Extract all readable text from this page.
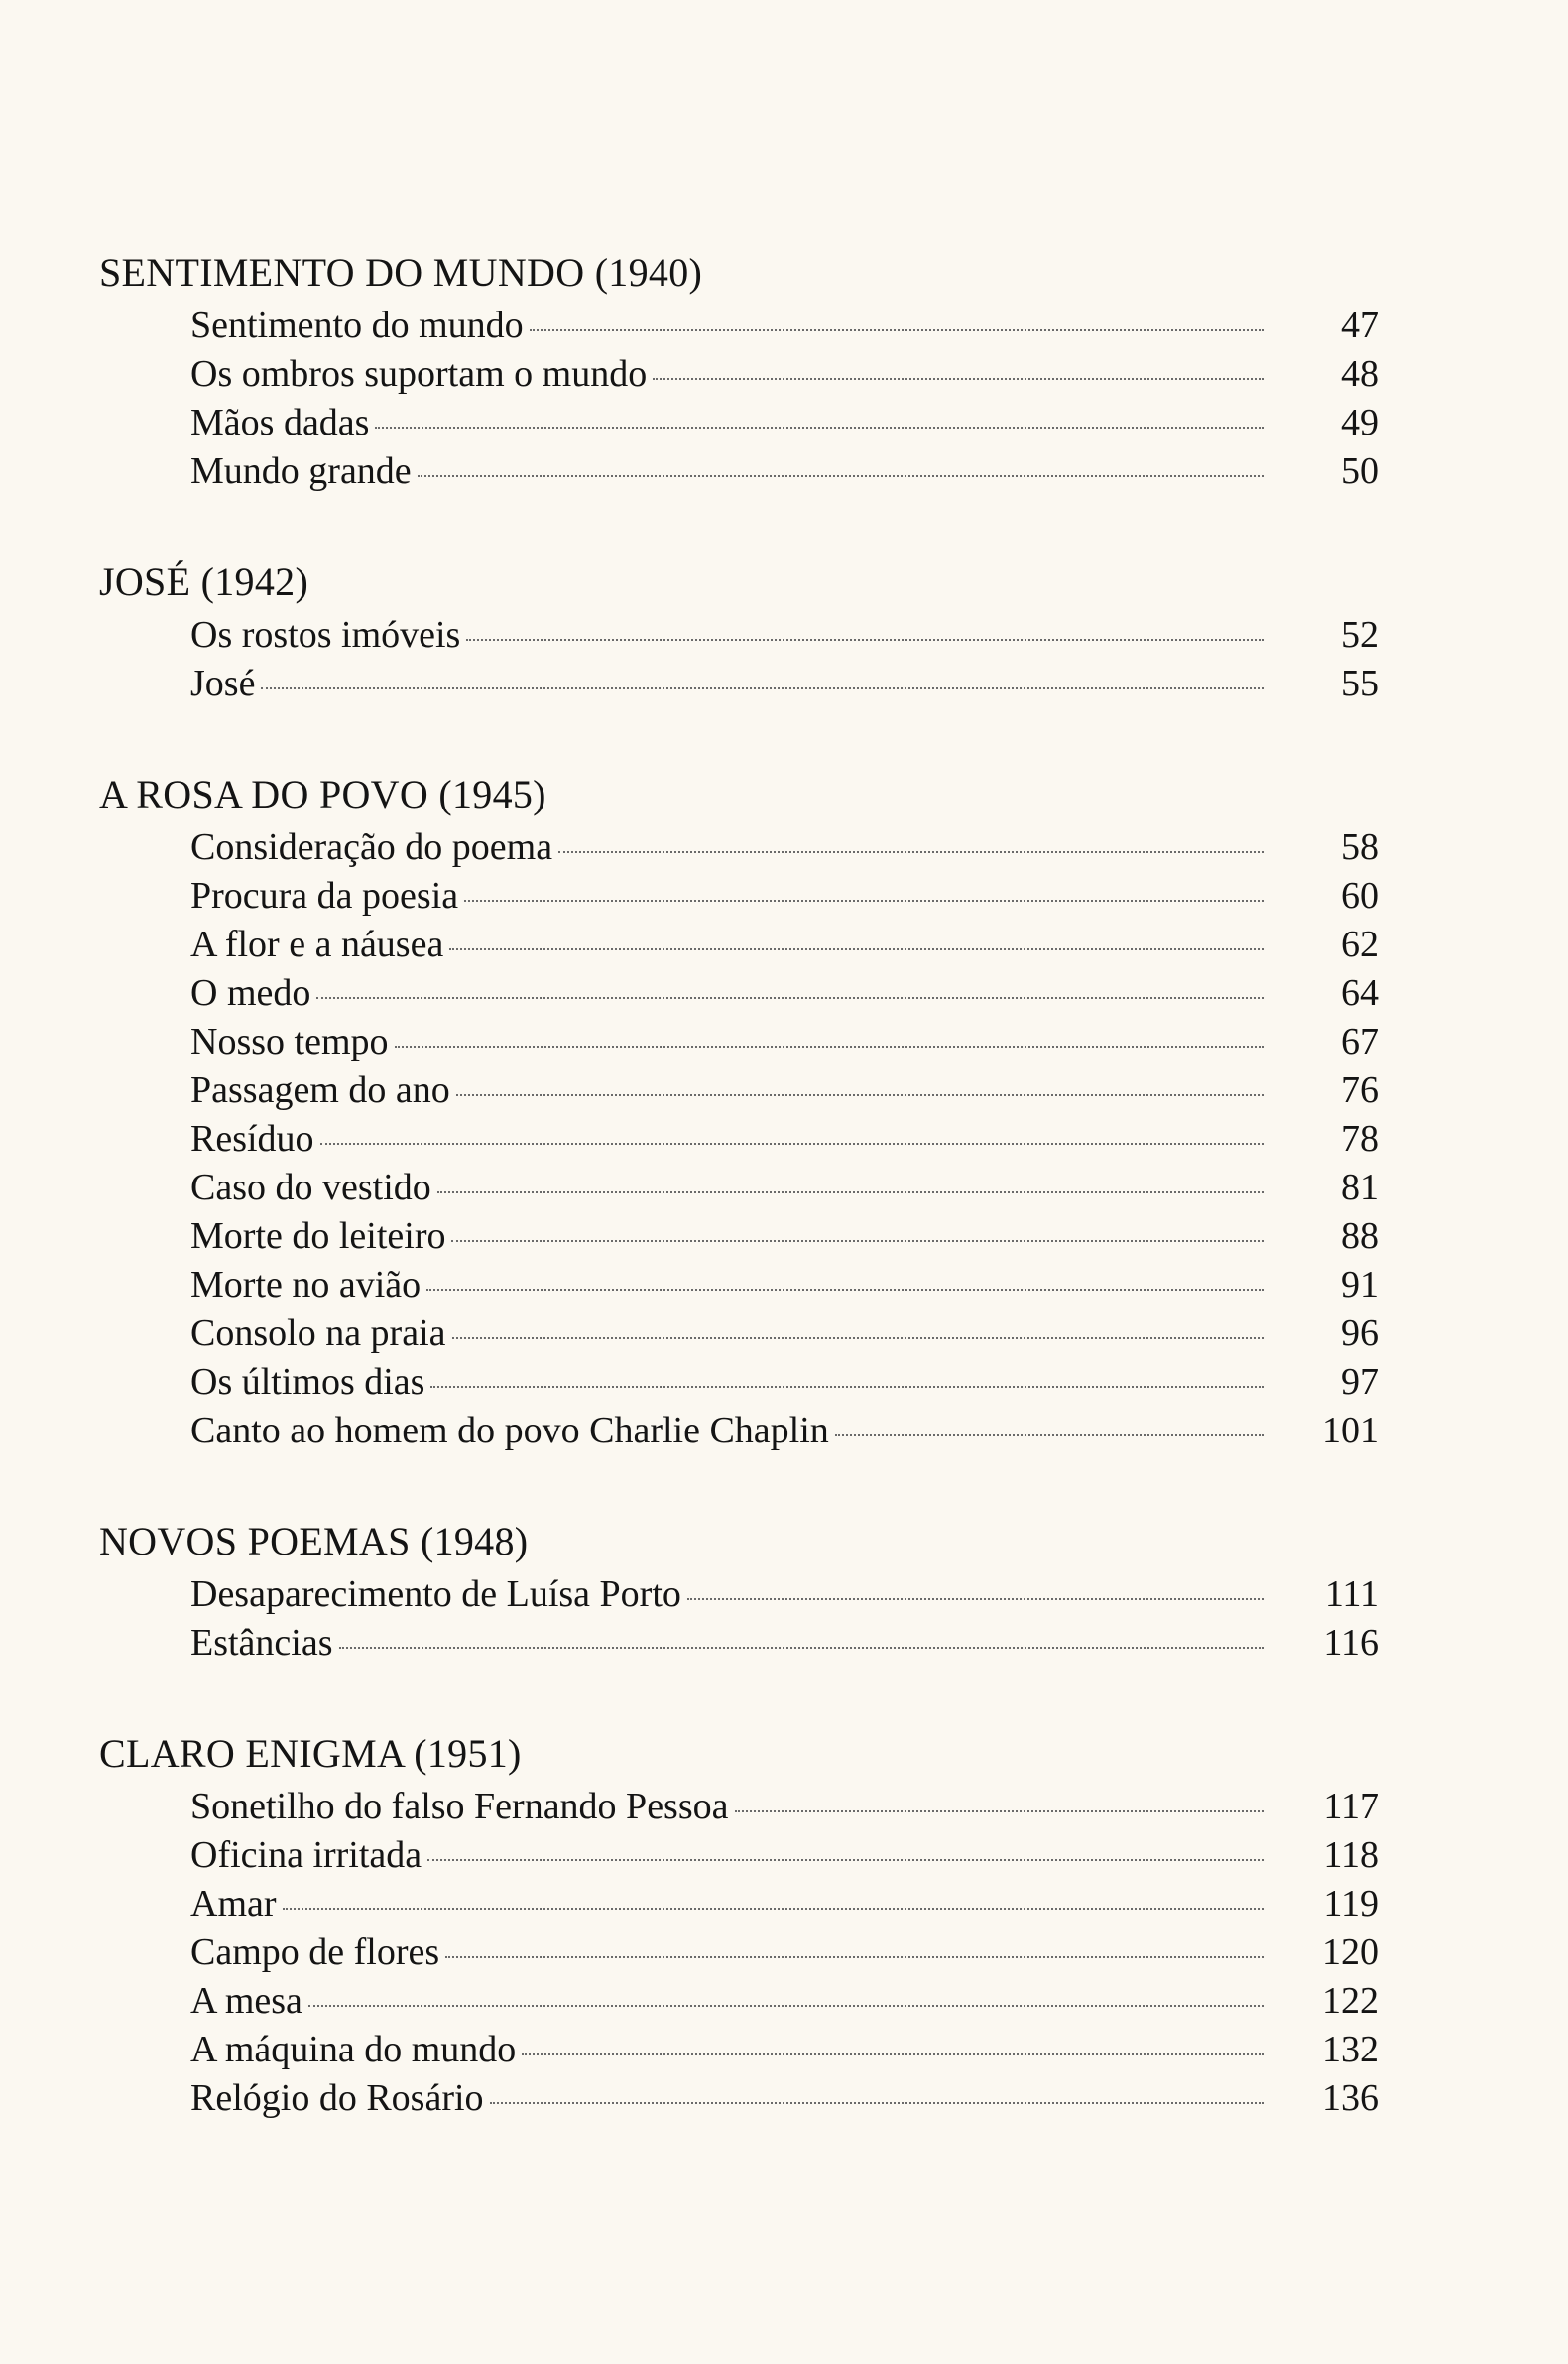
SENTIMENTO DO MUNDO (1940)
Sentimento do mundo	47
Os ombros suportam o mundo	48
Mãos dadas	49
Mundo grande	50
JOSÉ (1942)
Os rostos imóveis	52
José	55
A ROSA DO POVO (1945)
Consideração do poema	58
Procura da poesia	60
A flor e a náusea	62
O medo	64
Nosso tempo	67
Passagem do ano	76
Resíduo	78
Caso do vestido	81
Morte do leiteiro	88
Morte no avião	91
Consolo na praia	96
Os últimos dias	97
Canto ao homem do povo Charlie Chaplin	101
NOVOS POEMAS (1948)
Desaparecimento de Luísa Porto	111
Estâncias	116
CLARO ENIGMA (1951)
Sonetilho do falso Fernando Pessoa	117
Oficina irritada	118
Amar	119
Campo de flores	120
A mesa	122
A máquina do mundo	132
Relógio do Rosário	136
